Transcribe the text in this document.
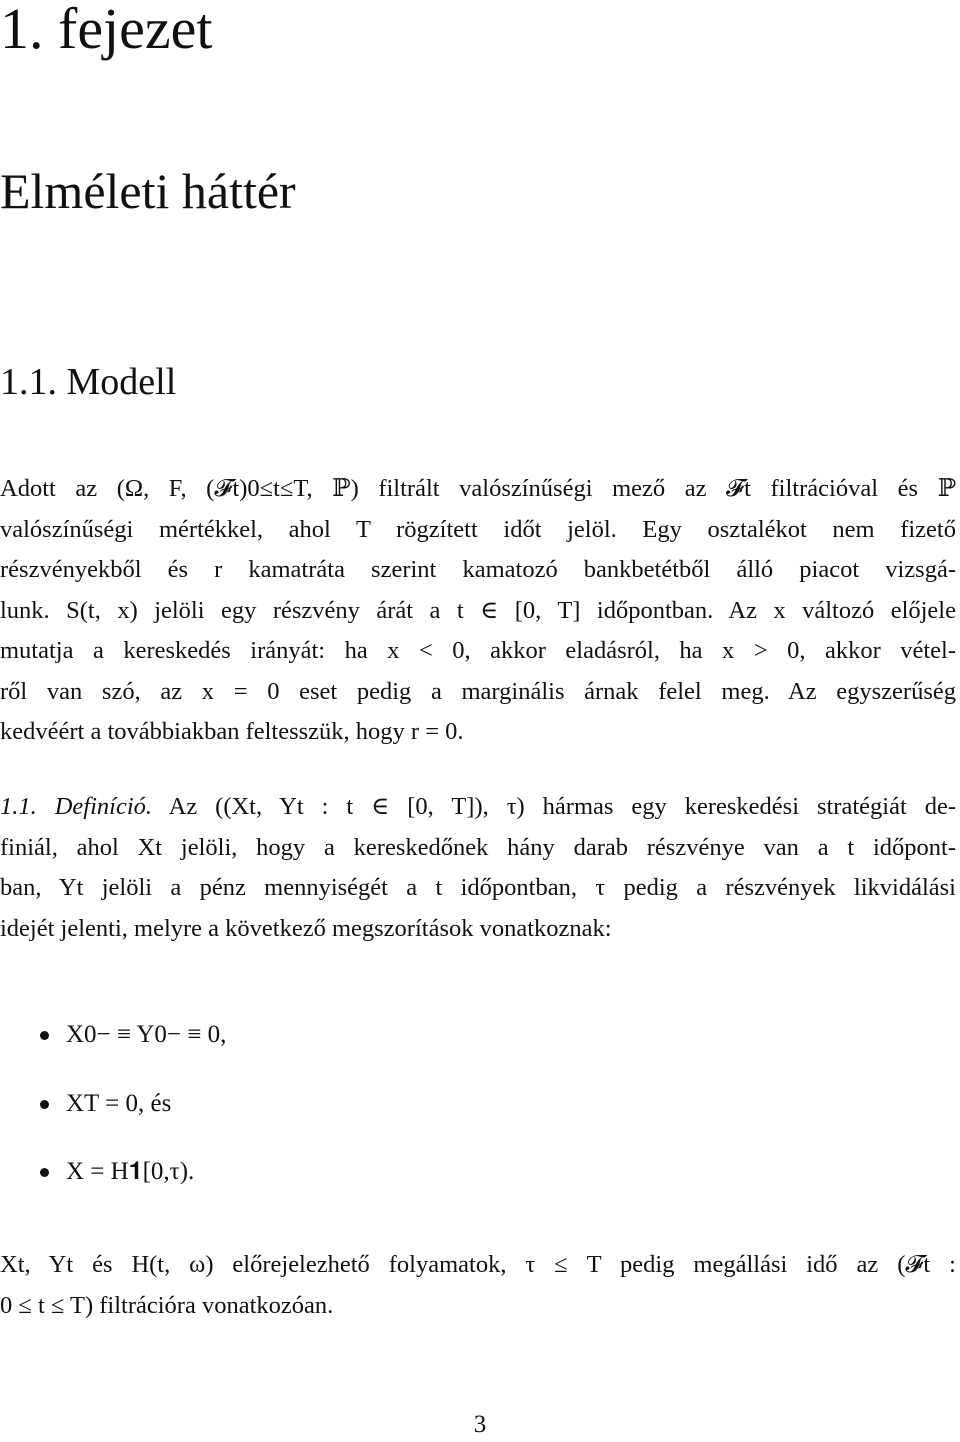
1. fejezet
Elméleti háttér
1.1. Modell
Adott az (Ω, F, (𝓕t)0≤t≤T, ℙ) filtrált valószínűségi mező az 𝓕t filtrációval és ℙ
valószínűségi mértékkel, ahol T rögzített időt jelöl. Egy osztalékot nem fizető
részvényekből és r kamatráta szerint kamatozó bankbetétből álló piacot vizsgá-
lunk. S(t, x) jelöli egy részvény árát a t ∈ [0, T] időpontban. Az x változó előjele
mutatja a kereskedés irányát: ha x < 0, akkor eladásról, ha x > 0, akkor vétel-
ről van szó, az x = 0 eset pedig a marginális árnak felel meg. Az egyszerűség
kedvéért a továbbiakban feltesszük, hogy r = 0.
1.1. Definíció. Az ((Xt, Yt : t ∈ [0, T]), τ) hármas egy kereskedési stratégiát de-
finiál, ahol Xt jelöli, hogy a kereskedőnek hány darab részvénye van a t időpont-
ban, Yt jelöli a pénz mennyiségét a t időpontban, τ pedig a részvények likvidálási
idejét jelenti, melyre a következő megszorítások vonatkoznak:
X0− ≡ Y0− ≡ 0,
XT = 0, és
X = H𝟏[0,τ).
Xt, Yt és H(t, ω) előrejelezhető folyamatok, τ ≤ T pedig megállási idő az (𝓕t :
0 ≤ t ≤ T) filtrációra vonatkozóan.
3
